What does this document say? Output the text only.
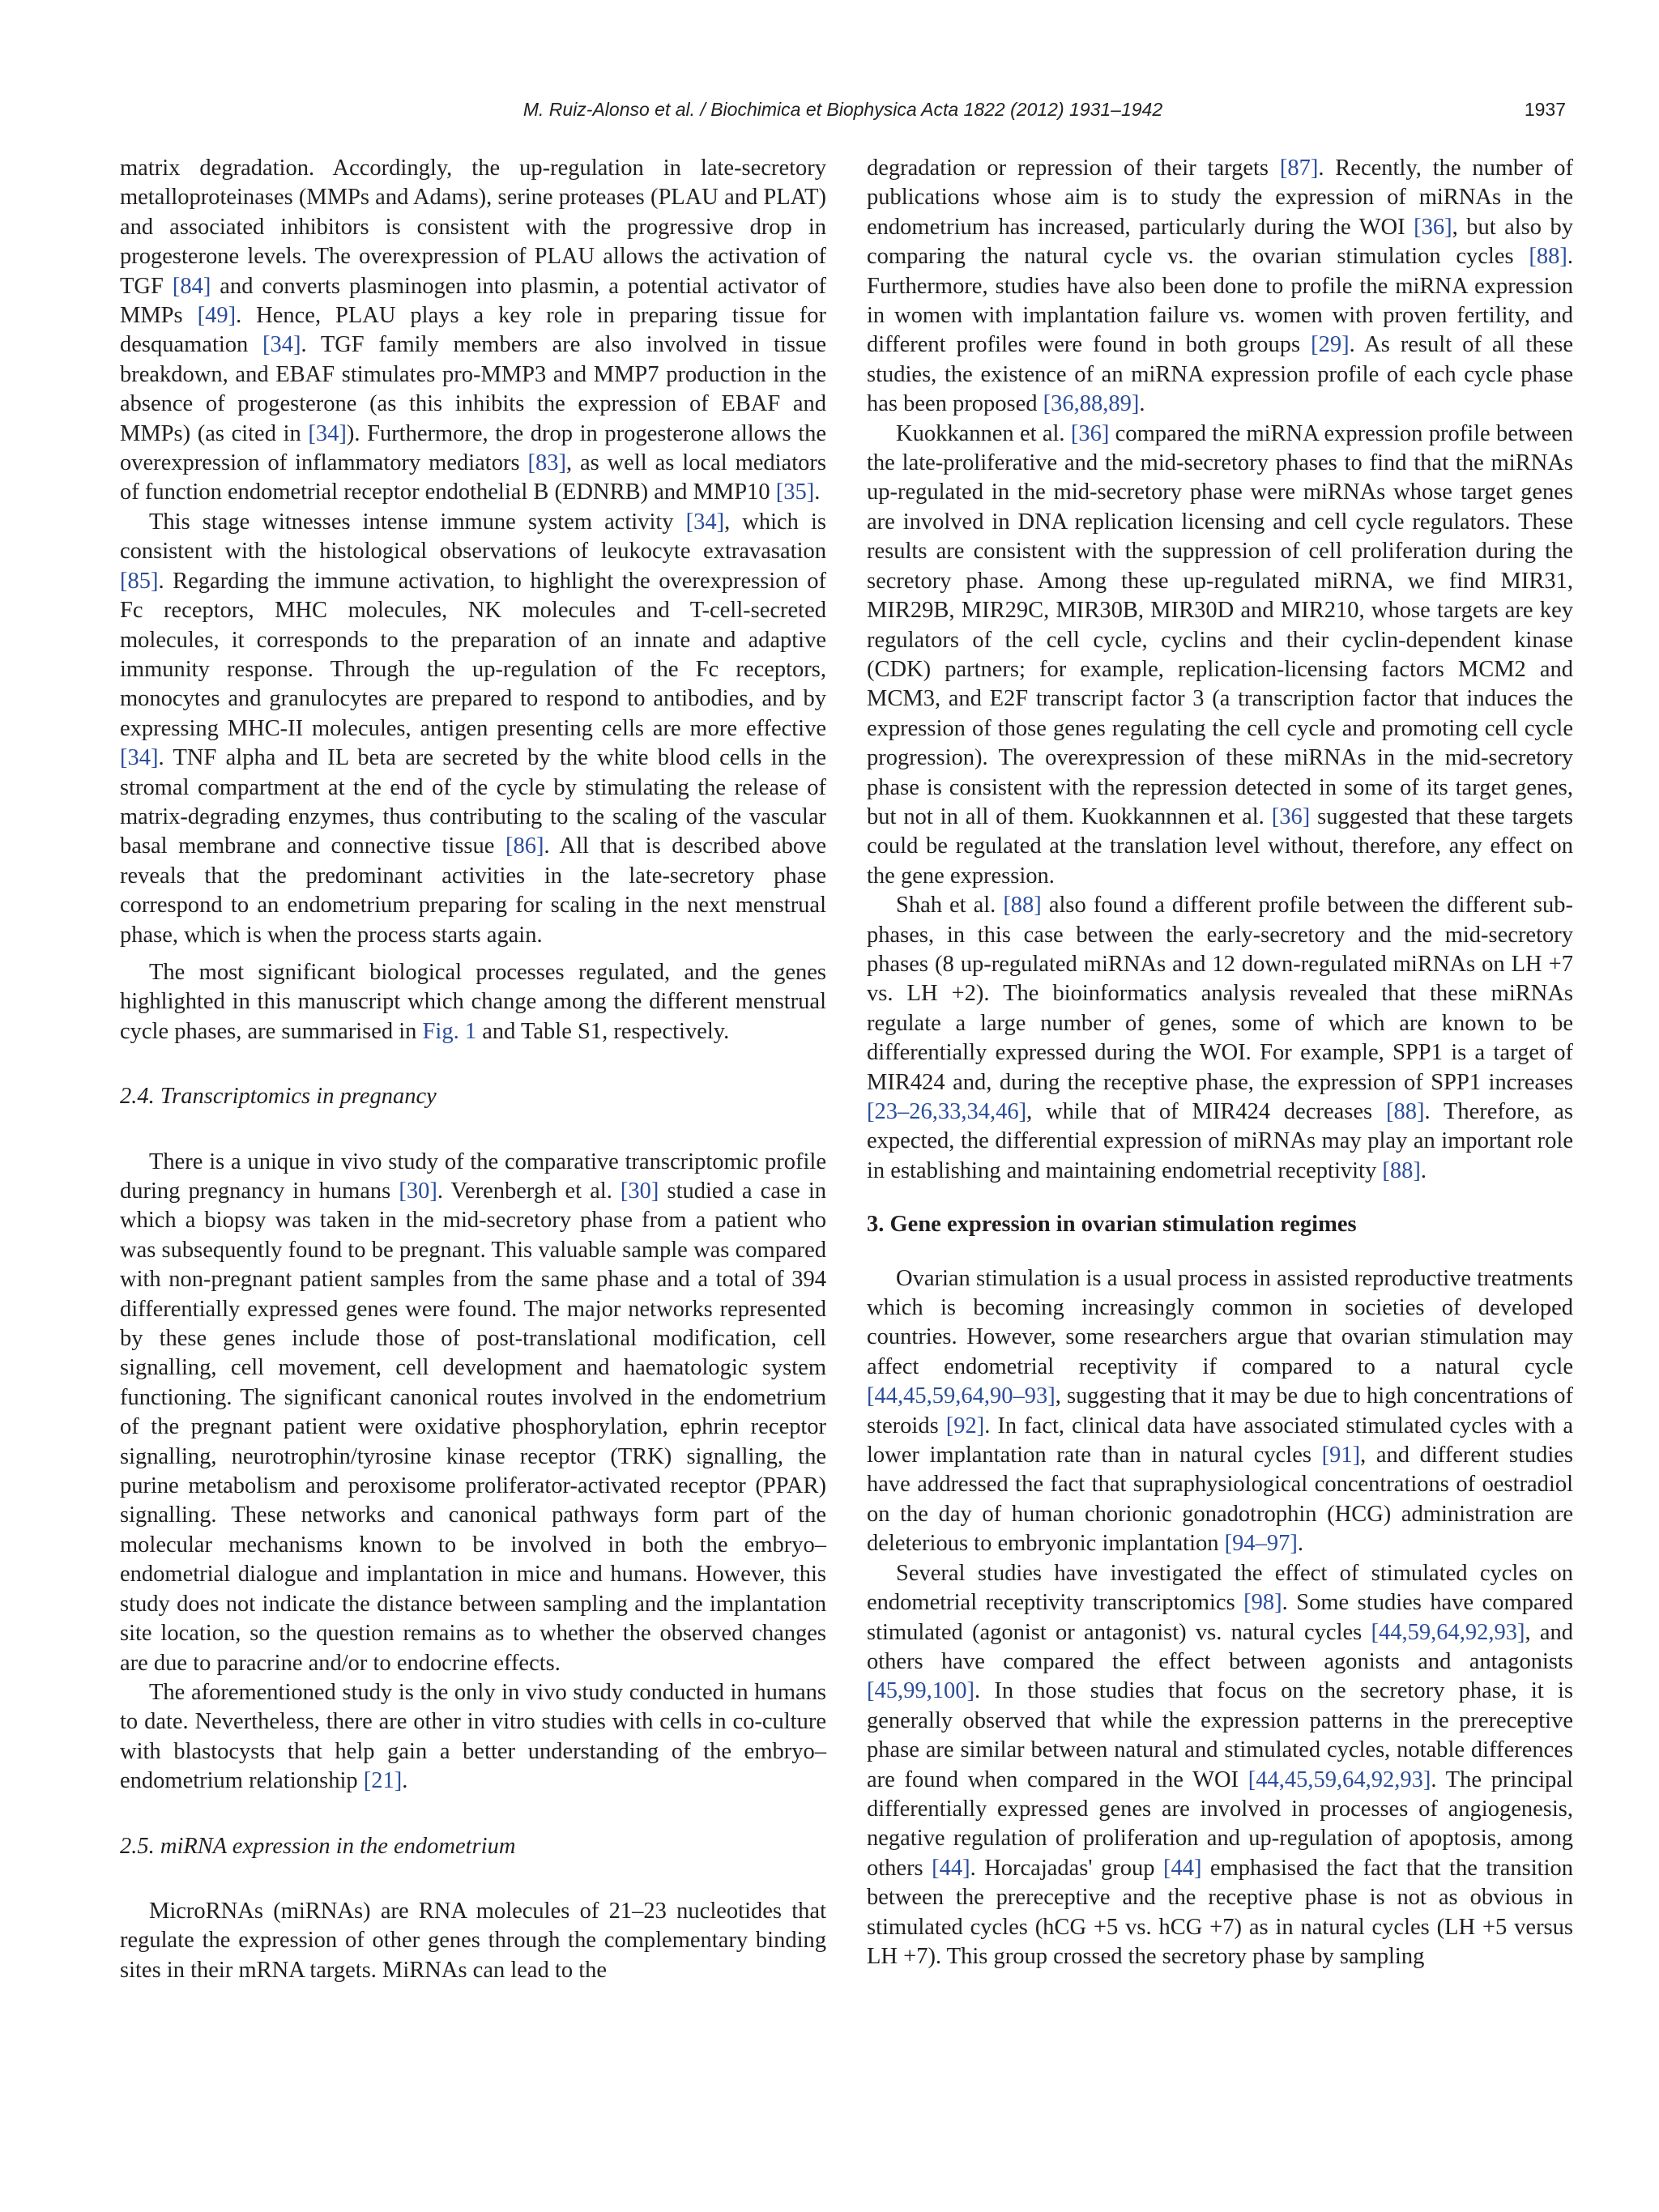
M. Ruiz-Alonso et al. / Biochimica et Biophysica Acta 1822 (2012) 1931–1942	1937

matrix degradation. Accordingly, the up-regulation in late-secretory metalloproteinases (MMPs and Adams), serine proteases (PLAU and PLAT) and associated inhibitors is consistent with the progressive drop in progesterone levels. The overexpression of PLAU allows the activation of TGF [84] and converts plasminogen into plasmin, a potential activator of MMPs [49]. Hence, PLAU plays a key role in preparing tissue for desquamation [34]. TGF family members are also involved in tissue breakdown, and EBAF stimulates pro-MMP3 and MMP7 production in the absence of progesterone (as this inhibits the expression of EBAF and MMPs) (as cited in [34]). Furthermore, the drop in progesterone allows the overexpression of inflammatory mediators [83], as well as local mediators of function endometrial receptor endothelial B (EDNRB) and MMP10 [35].

This stage witnesses intense immune system activity [34], which is consistent with the histological observations of leukocyte extravasation [85]. Regarding the immune activation, to highlight the overexpression of Fc receptors, MHC molecules, NK molecules and T-cell-secreted molecules, it corresponds to the preparation of an innate and adaptive immunity response. Through the up-regulation of the Fc receptors, monocytes and granulocytes are prepared to respond to antibodies, and by expressing MHC-II molecules, antigen presenting cells are more effective [34]. TNF alpha and IL beta are secreted by the white blood cells in the stromal compartment at the end of the cycle by stimulating the release of matrix-degrading enzymes, thus contributing to the scaling of the vascular basal membrane and connective tissue [86]. All that is described above reveals that the predominant activities in the late-secretory phase correspond to an endometrium preparing for scaling in the next menstrual phase, which is when the process starts again.

The most significant biological processes regulated, and the genes highlighted in this manuscript which change among the different menstrual cycle phases, are summarised in Fig. 1 and Table S1, respectively.

2.4. Transcriptomics in pregnancy

There is a unique in vivo study of the comparative transcriptomic profile during pregnancy in humans [30]. Verenbergh et al. [30] studied a case in which a biopsy was taken in the mid-secretory phase from a patient who was subsequently found to be pregnant. This valuable sample was compared with non-pregnant patient samples from the same phase and a total of 394 differentially expressed genes were found. The major networks represented by these genes include those of post-translational modification, cell signalling, cell movement, cell development and haematologic system functioning. The significant canonical routes involved in the endometrium of the pregnant patient were oxidative phosphorylation, ephrin receptor signalling, neurotrophin/tyrosine kinase receptor (TRK) signalling, the purine metabolism and peroxisome proliferator-activated receptor (PPAR) signalling. These networks and canonical pathways form part of the molecular mechanisms known to be involved in both the embryo–endometrial dialogue and implantation in mice and humans. However, this study does not indicate the distance between sampling and the implantation site location, so the question remains as to whether the observed changes are due to paracrine and/or to endocrine effects.

The aforementioned study is the only in vivo study conducted in humans to date. Nevertheless, there are other in vitro studies with cells in co-culture with blastocysts that help gain a better understanding of the embryo–endometrium relationship [21].

2.5. miRNA expression in the endometrium

MicroRNAs (miRNAs) are RNA molecules of 21–23 nucleotides that regulate the expression of other genes through the complementary binding sites in their mRNA targets. MiRNAs can lead to the

degradation or repression of their targets [87]. Recently, the number of publications whose aim is to study the expression of miRNAs in the endometrium has increased, particularly during the WOI [36], but also by comparing the natural cycle vs. the ovarian stimulation cycles [88]. Furthermore, studies have also been done to profile the miRNA expression in women with implantation failure vs. women with proven fertility, and different profiles were found in both groups [29]. As result of all these studies, the existence of an miRNA expression profile of each cycle phase has been proposed [36,88,89].

Kuokkannen et al. [36] compared the miRNA expression profile between the late-proliferative and the mid-secretory phases to find that the miRNAs up-regulated in the mid-secretory phase were miRNAs whose target genes are involved in DNA replication licensing and cell cycle regulators. These results are consistent with the suppression of cell proliferation during the secretory phase. Among these up-regulated miRNA, we find MIR31, MIR29B, MIR29C, MIR30B, MIR30D and MIR210, whose targets are key regulators of the cell cycle, cyclins and their cyclin-dependent kinase (CDK) partners; for example, replication-licensing factors MCM2 and MCM3, and E2F transcript factor 3 (a transcription factor that induces the expression of those genes regulating the cell cycle and promoting cell cycle progression). The overexpression of these miRNAs in the mid-secretory phase is consistent with the repression detected in some of its target genes, but not in all of them. Kuokkannnen et al. [36] suggested that these targets could be regulated at the translation level without, therefore, any effect on the gene expression.

Shah et al. [88] also found a different profile between the different sub-phases, in this case between the early-secretory and the mid-secretory phases (8 up-regulated miRNAs and 12 down-regulated miRNAs on LH +7 vs. LH +2). The bioinformatics analysis revealed that these miRNAs regulate a large number of genes, some of which are known to be differentially expressed during the WOI. For example, SPP1 is a target of MIR424 and, during the receptive phase, the expression of SPP1 increases [23–26,33,34,46], while that of MIR424 decreases [88]. Therefore, as expected, the differential expression of miRNAs may play an important role in establishing and maintaining endometrial receptivity [88].

3. Gene expression in ovarian stimulation regimes

Ovarian stimulation is a usual process in assisted reproductive treatments which is becoming increasingly common in societies of developed countries. However, some researchers argue that ovarian stimulation may affect endometrial receptivity if compared to a natural cycle [44,45,59,64,90–93], suggesting that it may be due to high concentrations of steroids [92]. In fact, clinical data have associated stimulated cycles with a lower implantation rate than in natural cycles [91], and different studies have addressed the fact that supraphysiological concentrations of oestradiol on the day of human chorionic gonadotrophin (HCG) administration are deleterious to embryonic implantation [94–97].

Several studies have investigated the effect of stimulated cycles on endometrial receptivity transcriptomics [98]. Some studies have compared stimulated (agonist or antagonist) vs. natural cycles [44,59,64,92,93], and others have compared the effect between agonists and antagonists [45,99,100]. In those studies that focus on the secretory phase, it is generally observed that while the expression patterns in the prereceptive phase are similar between natural and stimulated cycles, notable differences are found when compared in the WOI [44,45,59,64,92,93]. The principal differentially expressed genes are involved in processes of angiogenesis, negative regulation of proliferation and up-regulation of apoptosis, among others [44]. Horcajadas' group [44] emphasised the fact that the transition between the prereceptive and the receptive phase is not as obvious in stimulated cycles (hCG +5 vs. hCG +7) as in natural cycles (LH +5 versus LH +7). This group crossed the secretory phase by sampling
